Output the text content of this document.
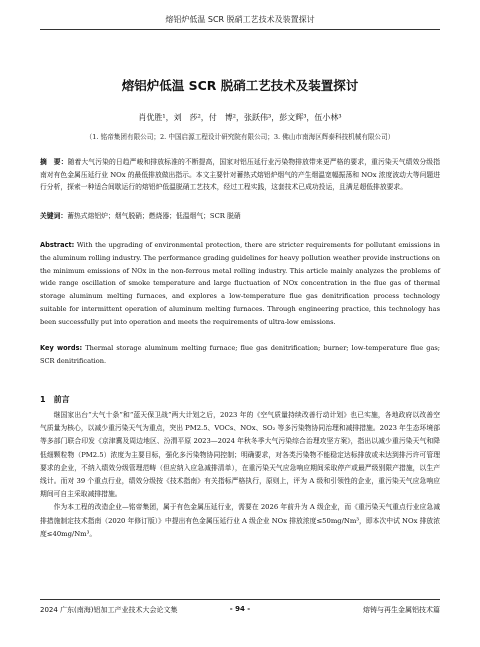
熔铝炉低温 SCR 脱硝工艺技术及装置探讨
熔铝炉低温 SCR 脱硝工艺技术及装置探讨
肖优胜¹，刘　莎²，付　博²，张跃伟³，彭文辉³，伍小林³
（1. 铭帝集团有限公司；2. 中国启源工程设计研究院有限公司；3. 佛山市南海区辉泰科技机械有限公司）
摘　要：随着大气污染的日趋严峻和排放标准的不断提高，国家对铝压延行业污染物排放带来更严格的要求，重污染天气绩效分级指南对有色金属压延行业 NOx 的最低排放做出指示。本文主要针对蓄热式熔铝炉烟气的产生烟温宽幅振荡和 NOx 浓度波动大等问题进行分析，探索一种适合间歇运行的熔铝炉低温脱硝工艺技术，经过工程实践，这套技术已成功投运，且满足超低排放要求。
关键词：蓄热式熔铝炉；烟气脱硝；燃烧器；低温烟气；SCR 脱硝
Abstract: With the upgrading of environmental protection, there are stricter requirements for pollutant emissions in the aluminum rolling industry. The performance grading guidelines for heavy pollution weather provide instructions on the minimum emissions of NOx in the non-ferrous metal rolling industry. This article mainly analyzes the problems of wide range oscillation of smoke temperature and large fluctuation of NOx concentration in the flue gas of thermal storage aluminum melting furnaces, and explores a low-temperature flue gas denitrification process technology suitable for intermittent operation of aluminum melting furnaces. Through engineering practice, this technology has been successfully put into operation and meets the requirements of ultra-low emissions.
Key words: Thermal storage aluminum melting furnace; flue gas denitrification; burner; low-temperature flue gas; SCR denitrification.
1 前言

继国家出台“大气十条”和“蓝天保卫战”两大计划之后，2023 年的《空气质量持续改善行动计划》也已实施，各地政府以改善空气质量为核心，以减少重污染天气为重点，突出 PM2.5、VOCs、NOx、SO₂ 等多污染物协同治理和减排措施。2023 年生态环境部等多部门联合印发《京津冀及周边地区、汾渭平原 2023—2024 年秋冬季大气污染综合治理攻坚方案》，指出以减少重污染天气和降低细颗粒物（PM2.5）浓度为主要目标，强化多污染物协同控制；明确要求，对各类污染物不能稳定达标排放或未达到排污许可管理要求的企业，不纳入绩效分级管理范畴（但应纳入应急减排清单），在重污染天气应急响应期间采取停产或最严级别限产措施，以生产线计。而对 39 个重点行业，绩效分级按《技术指南》有关指标严格执行，原则上，评为 A 级和引领性的企业，重污染天气应急响应期间可自主采取减排措施。

作为本工程的改造企业—铭帝集团，属于有色金属压延行业，需要在 2026 年前升为 A 级企业，而《重污染天气重点行业应急减排措施制定技术指南（2020 年修订版）》中提出有色金属压延行业 A 级企业 NOx 排放浓度≤50mg/Nm³，即本次中试 NOx 排放浓度≤40mg/Nm³。

2024 广东(南海)铝加工产业技术大会论文集	- 94 -	熔铸与再生金属铝技术篇
